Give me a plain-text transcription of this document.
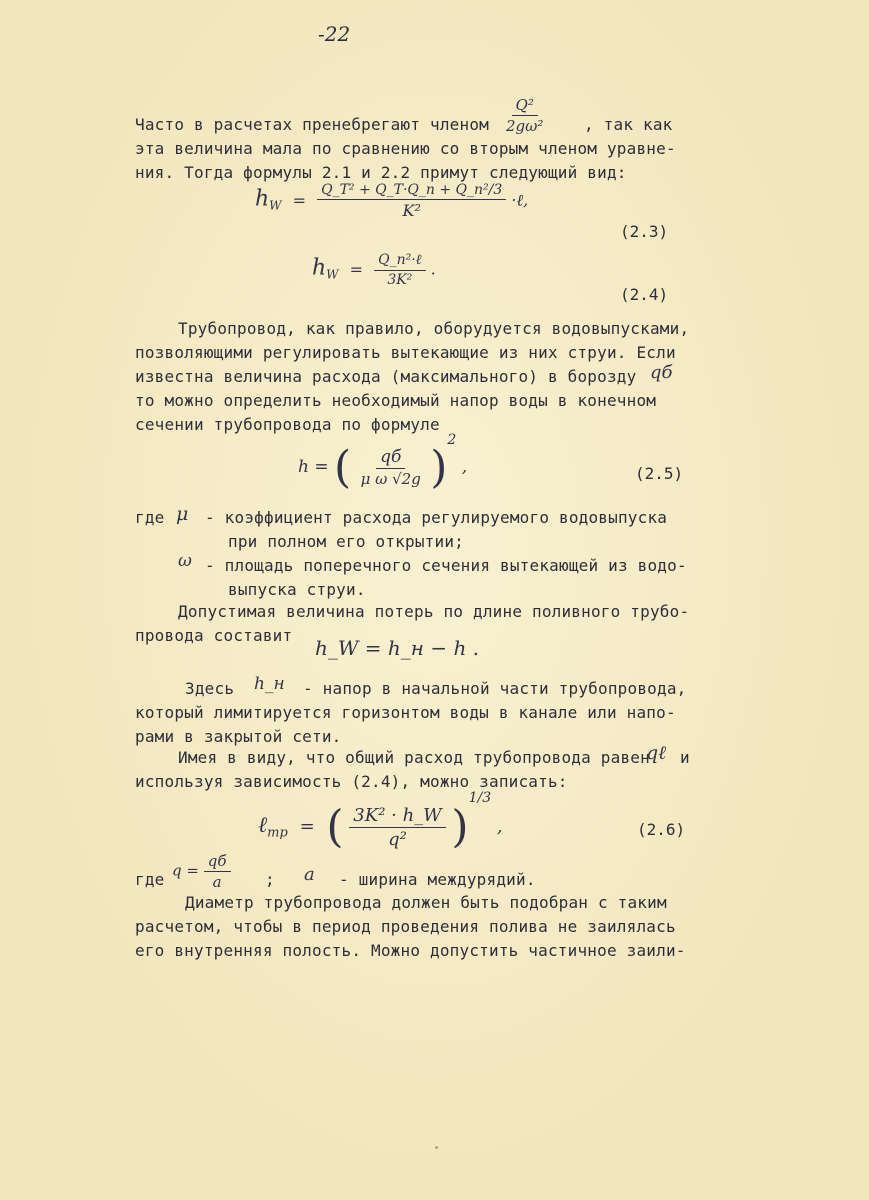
-22
Часто в расчетах пренебрегают членом	, так как
эта величина мала по сравнению со вторым членом уравне-
ния. Тогда формулы 2.1 и 2.2 примут следующий вид:
Трубопровод, как правило, оборудуется водовыпусками,
позволяющими регулировать вытекающие из них струи. Если
известна величина расхода (максимального) в борозду
то можно определить необходимый напор воды в конечном
сечении трубопровода по формуле
где	- коэффициент расхода регулируемого водовыпуска
при полном его открытии;
- площадь поперечного сечения вытекающей из водо-
выпуска струи.
Допустимая величина потерь по длине поливного трубо-
провода составит
Здесь	- напор в начальной части трубопровода,
который лимитируется горизонтом воды в канале или напо-
рами в закрытой сети.
Имея в виду, что общий расход трубопровода равен и
используя зависимость (2.4), можно записать:
где	;	- ширина междурядий.
Диаметр трубопровода должен быть подобран с таким
расчетом, чтобы в период проведения полива не заилялась
его внутренняя полость. Можно допустить частичное заили-
$\frac{\text{Q²}}{\text{2gω²}}$
$h_W = \frac{\text{Q\_T² + Q\_T·Q\_п + Q\_п²/3}}{\text{K²}}$ ·ℓ,
(2.3)
$h_W = \frac{\text{Q\_п²·ℓ}}{\text{3K²}}$ .
(2.4)
qб
h = ( $\frac{qб}{\text{μ ω √2g}} )^2$ ,	(2.5)
μ
ω
h_W = h_н − h .
h_н
qℓ
ℓ$_{тр}$ = ( $\frac{\text{3K² · h\_W}}{\text{q²}} )^{1/3}$ ,	(2.6)
$q = \frac{qб}{a}$	a
